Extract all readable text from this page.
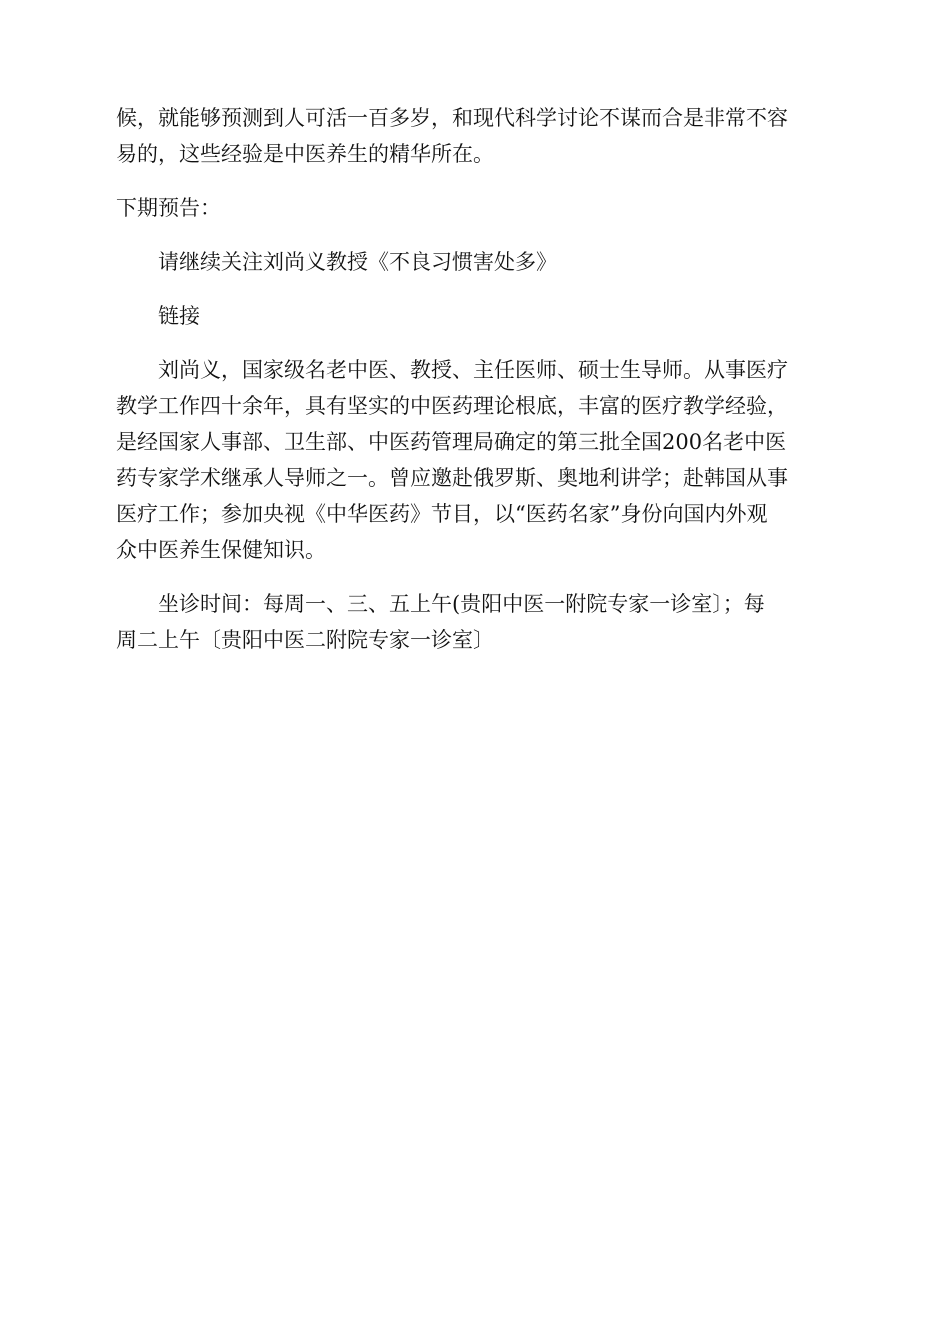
候，就能够预测到人可活一百多岁，和现代科学讨论不谋而合是非常不容
易的，这些经验是中医养生的精华所在。

下期预告：

请继续关注刘尚义教授《不良习惯害处多》

链接

刘尚义，国家级名老中医、教授、主任医师、硕士生导师。从事医疗
教学工作四十余年，具有坚实的中医药理论根底，丰富的医疗教学经验，
是经国家人事部、卫生部、中医药管理局确定的第三批全国200名老中医
药专家学术继承人导师之一。曾应邀赴俄罗斯、奥地利讲学；赴韩国从事
医疗工作；参加央视《中华医药》节目，以“医药名家”身份向国内外观
众中医养生保健知识。

坐诊时间：每周一、三、五上午(贵阳中医一附院专家一诊室〕；每
周二上午〔贵阳中医二附院专家一诊室〕
